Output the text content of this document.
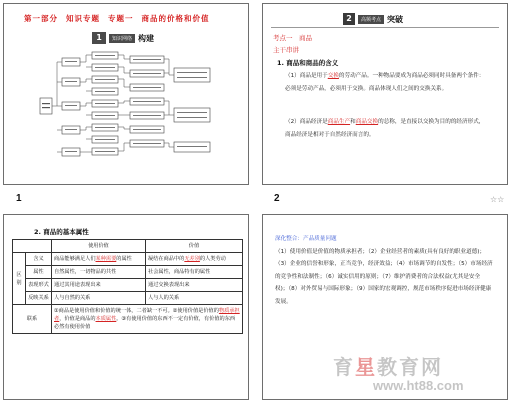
第一部分 知识专题 专题一 商品的价格和价值
1	知识网络 构建
1
2	高频考点 突破
考点一　商品
主干串讲
1. 商品和商品的含义
（1）商品是用于交换的劳动产品。一种物品要成为商品必须同时具备两个条件：必须是劳动产品，必须用于交换。商品体现人们之间的交换关系。
（2）商品经济是商品生产和商品交换的总称，是直接以交换为目的的经济形式，商品经济是相对于自然经济而言的。
2	☆☆
2. 商品的基本属性
		使用价值	价值
区别	含义	商品能够满足人们某种需要的属性	凝结在商品中的无差别的人类劳动
	属性	自然属性，一切物品的共性	社会属性，商品特有的属性
	表现形式	通过其用途表现出来	通过交换表现出来
	反映关系	人与自然的关系	人与人的关系
联系		①商品是使用价值和价值的统一体，二者缺一不可。②使用价值是价值的物质承担者，价值是商品的本质属性。③有使用价值的东西不一定有价值，有价值的东西必然有使用价值	
深化整合：产品质量问题
（1）使用价值是价值的物质承担者；（2）企业经营者的素质(具有良好的职业道德)；（3）企业的信誉和形象，正当竞争，经济效益；（4）市场调节的自发性；（5）市场经济的竞争性和法制性；（6）诚实信用的原则；（7）维护消费者的合法权益(尤其是安全权)；（8）对外贸易与国际形象；（9）国家的宏观调控，规范市场秩序促进市场经济健康发展。
育星教育网
www.ht88.com
